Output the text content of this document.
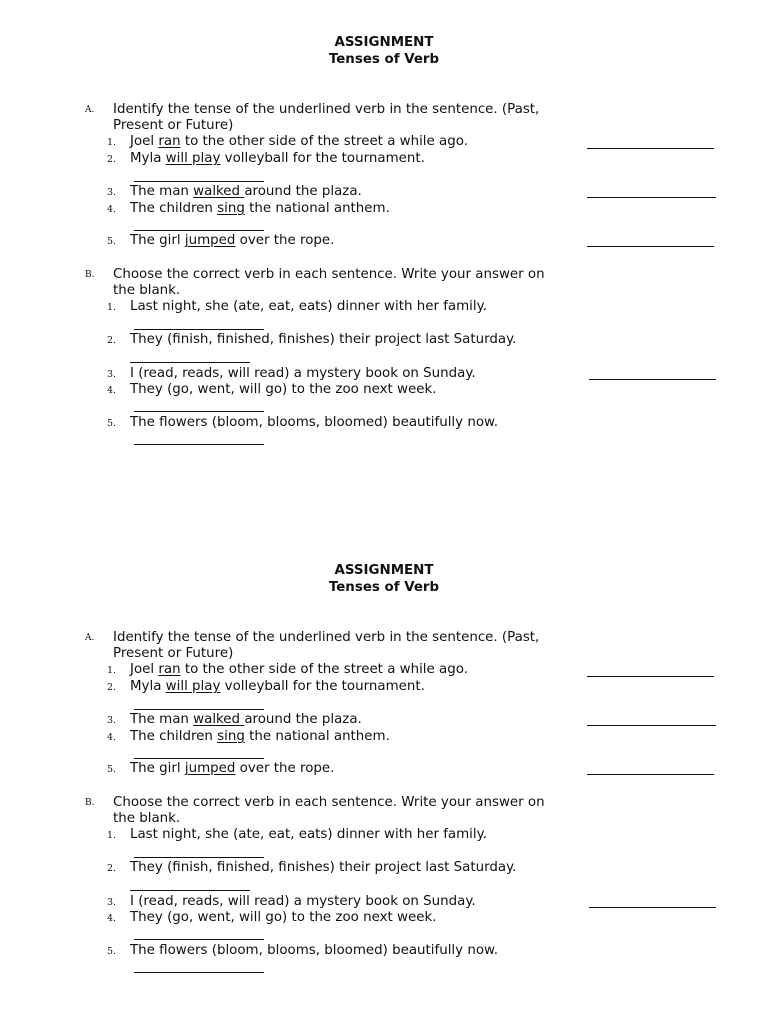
ASSIGNMENT
Tenses of Verb
A. Identify the tense of the underlined verb in the sentence. (Past,
Present or Future)
1. Joel ran to the other side of the street a while ago.
2. Myla will play volleyball for the tournament.
3. The man walked around the plaza.
4. The children sing the national anthem.
5. The girl jumped over the rope.
B. Choose the correct verb in each sentence. Write your answer on
the blank.
1. Last night, she (ate, eat, eats) dinner with her family.
2. They (finish, finished, finishes) their project last Saturday.
3. I (read, reads, will read) a mystery book on Sunday.
4. They (go, went, will go) to the zoo next week.
5. The flowers (bloom, blooms, bloomed) beautifully now.
ASSIGNMENT
Tenses of Verb
A. Identify the tense of the underlined verb in the sentence. (Past,
Present or Future)
1. Joel ran to the other side of the street a while ago.
2. Myla will play volleyball for the tournament.
3. The man walked around the plaza.
4. The children sing the national anthem.
5. The girl jumped over the rope.
B. Choose the correct verb in each sentence. Write your answer on
the blank.
1. Last night, she (ate, eat, eats) dinner with her family.
2. They (finish, finished, finishes) their project last Saturday.
3. I (read, reads, will read) a mystery book on Sunday.
4. They (go, went, will go) to the zoo next week.
5. The flowers (bloom, blooms, bloomed) beautifully now.
